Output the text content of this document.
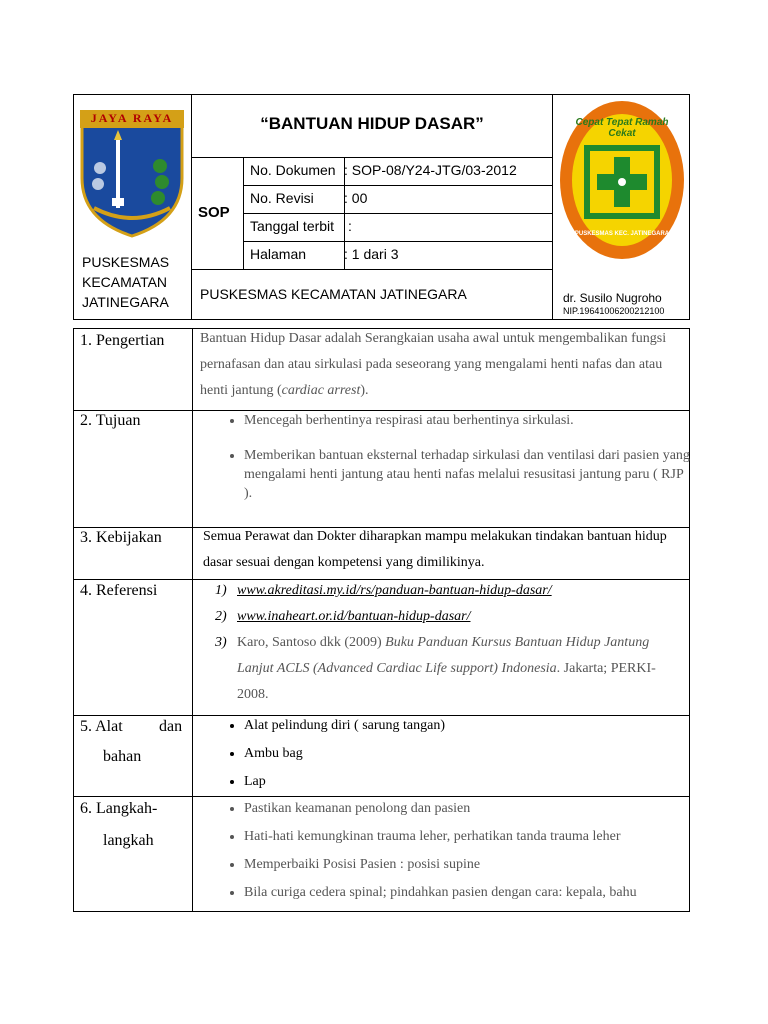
JAYA RAYA
PUSKESMAS
KECAMATAN
JATINEGARA
“BANTUAN HIDUP DASAR”
SOP
No. Dokumen : SOP-08/Y24-JTG/03-2012
No. Revisi : 00
Tanggal terbit :
Halaman	: 1 dari 3
PUSKESMAS KECAMATAN JATINEGARA
Cepat Tepat Ramah Cekat
PUSKESMAS KEC. JATINEGARA
dr. Susilo Nugroho
NIP.19641006200212100
1. Pengertian	Bantuan Hidup Dasar adalah Serangkaian usaha awal untuk mengembalikan fungsi pernafasan dan atau sirkulasi pada seseorang yang mengalami henti nafas dan atau henti jantung (cardiac arrest).
2. Tujuan
•	Mencegah berhentinya respirasi atau berhentinya sirkulasi.
• Memberikan bantuan eksternal terhadap sirkulasi dan ventilasi dari pasien yang mengalami henti jantung atau henti nafas melalui resusitasi jantung paru ( RJP ).
3. Kebijakan	Semua Perawat dan Dokter diharapkan mampu melakukan tindakan bantuan hidup dasar sesuai dengan kompetensi yang dimilikinya.
4. Referensi	1) www.akreditasi.my.id/rs/panduan-bantuan-hidup-dasar/
2) www.inaheart.or.id/bantuan-hidup-dasar/
3) Karo, Santoso dkk (2009) Buku Panduan Kursus Bantuan Hidup Jantung Lanjut ACLS (Advanced Cardiac Life support) Indonesia. Jakarta; PERKI-2008.
5. Alat dan
bahan
• Alat pelindung diri ( sarung tangan)
• Ambu bag
• Lap
6. Langkah-
langkah
• Pastikan keamanan penolong dan pasien
• Hati-hati kemungkinan trauma leher, perhatikan tanda trauma leher
• Memperbaiki Posisi Pasien : posisi supine
• Bila curiga cedera spinal; pindahkan pasien dengan cara: kepala, bahu
